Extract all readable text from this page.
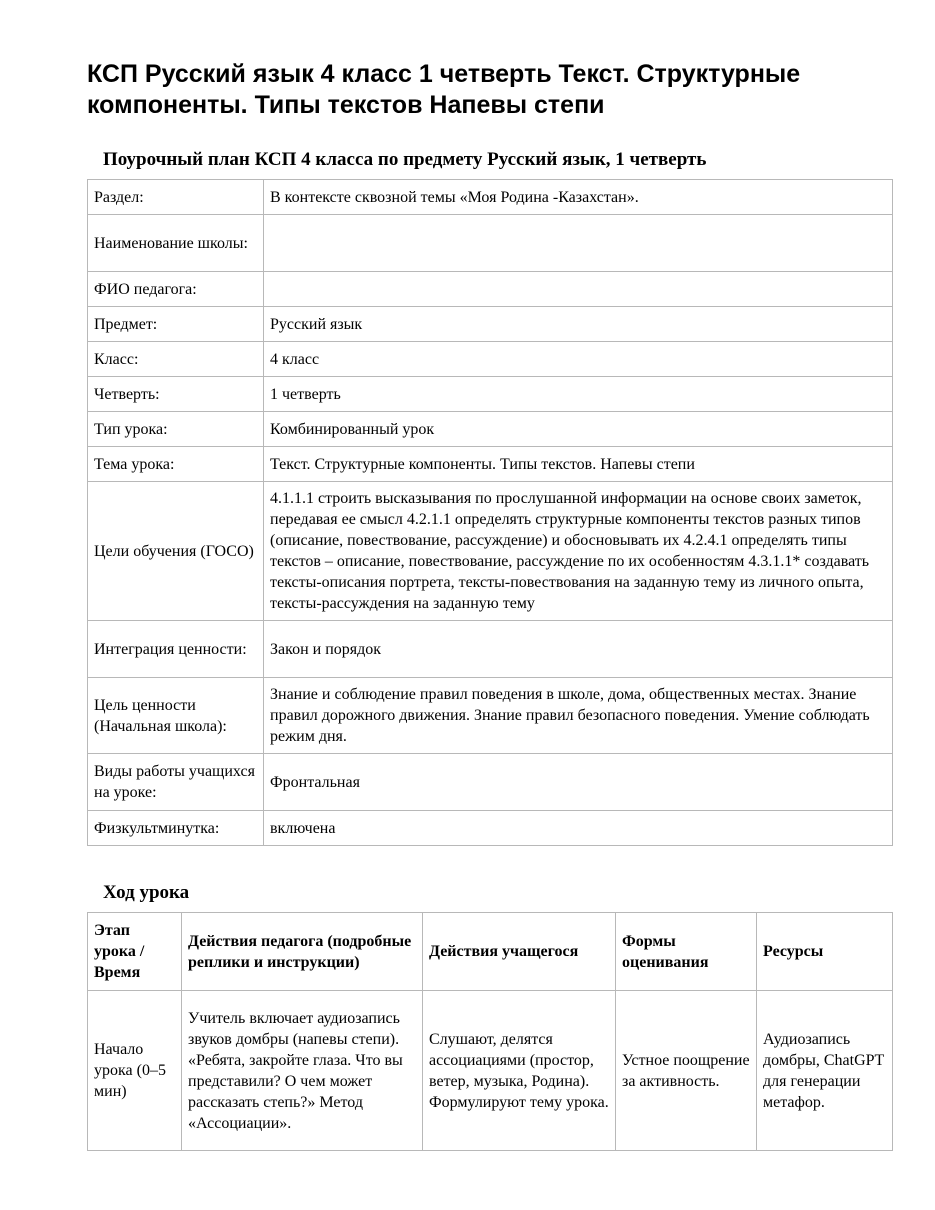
КСП Русский язык 4 класс 1 четверть Текст. Структурные компоненты. Типы текстов Напевы степи
Поурочный план КСП 4 класса по предмету Русский язык, 1 четверть
Раздел:	В контексте сквозной темы «Моя Родина -Казахстан».
Наименование школы:	
ФИО педагога:	
Предмет:	Русский язык
Класс:	4 класс
Четверть:	1 четверть
Тип урока:	Комбинированный урок
Тема урока:	Текст. Структурные компоненты. Типы текстов. Напевы степи
Цели обучения (ГОСО)	4.1.1.1 строить высказывания по прослушанной информации на основе своих заметок, передавая ее смысл 4.2.1.1 определять структурные компоненты текстов разных типов (описание, повествование, рассуждение) и обосновывать их 4.2.4.1 определять типы текстов – описание, повествование, рассуждение по их особенностям 4.3.1.1* создавать тексты-описания портрета, тексты-повествования на заданную тему из личного опыта, тексты-рассуждения на заданную тему
Интеграция ценности:	Закон и порядок
Цель ценности (Начальная школа):	Знание и соблюдение правил поведения в школе, дома, общественных местах. Знание правил дорожного движения. Знание правил безопасного поведения. Умение соблюдать режим дня.
Виды работы учащихся на уроке:	Фронтальная
Физкультминутка:	включена
Ход урока
Этап урока / Время	Действия педагога (подробные реплики и инструкции)	Действия учащегося	Формы оценивания	Ресурсы
Начало урока (0–5 мин)	Учитель включает аудиозапись звуков домбры (напевы степи). «Ребята, закройте глаза. Что вы представили? О чем может рассказать степь?» Метод «Ассоциации».	Слушают, делятся ассоциациями (простор, ветер, музыка, Родина). Формулируют тему урока.	Устное поощрение за активность.	Аудиозапись домбры, ChatGPT для генерации метафор.
